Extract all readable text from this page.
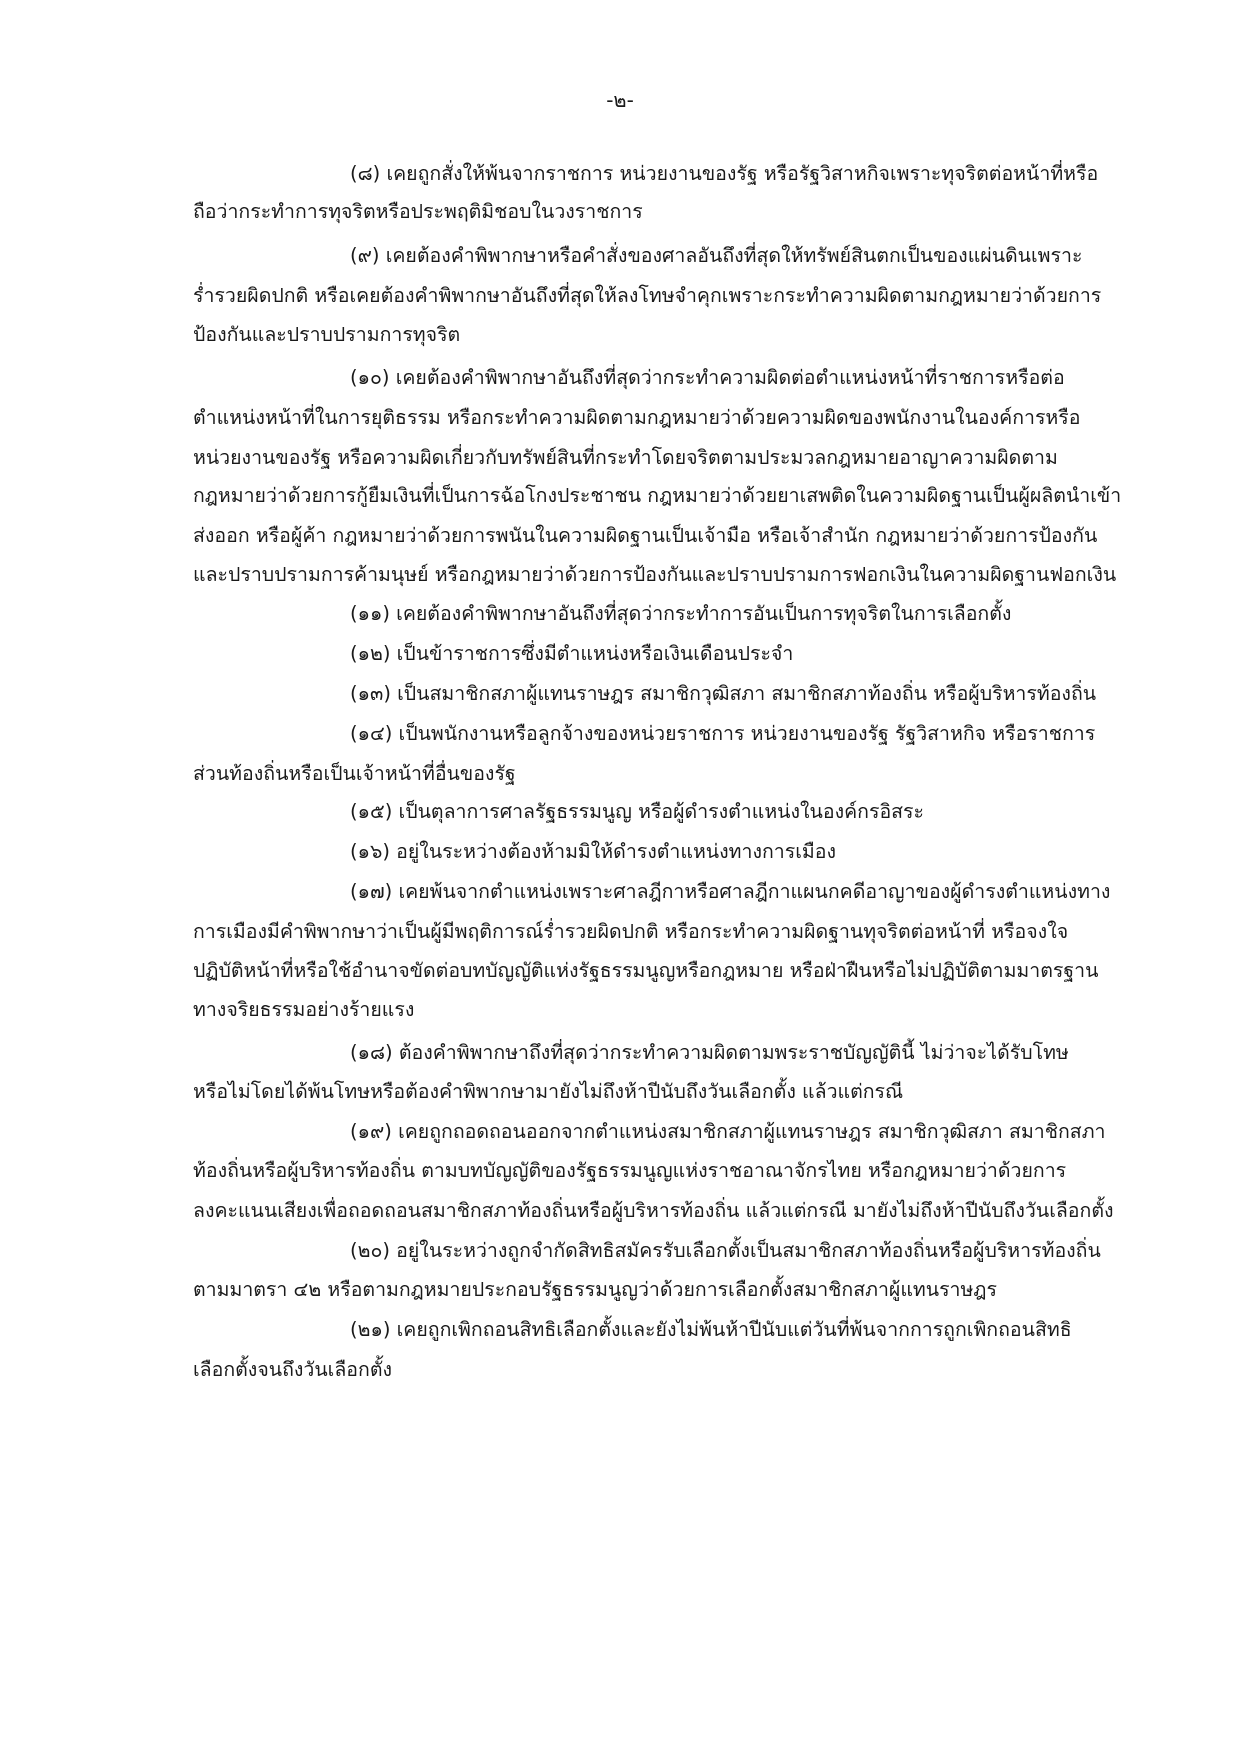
-๒-
(๘) เคยถูกสั่งให้พ้นจากราชการ หน่วยงานของรัฐ หรือรัฐวิสาหกิจเพราะทุจริตต่อหน้าที่หรือ
ถือว่ากระทำการทุจริตหรือประพฤติมิชอบในวงราชการ
(๙) เคยต้องคำพิพากษาหรือคำสั่งของศาลอันถึงที่สุดให้ทรัพย์สินตกเป็นของแผ่นดินเพราะ
ร่ำรวยผิดปกติ หรือเคยต้องคำพิพากษาอันถึงที่สุดให้ลงโทษจำคุกเพราะกระทำความผิดตามกฎหมายว่าด้วยการ
ป้องกันและปราบปรามการทุจริต
(๑๐) เคยต้องคำพิพากษาอันถึงที่สุดว่ากระทำความผิดต่อตำแหน่งหน้าที่ราชการหรือต่อ
ตำแหน่งหน้าที่ในการยุติธรรม หรือกระทำความผิดตามกฎหมายว่าด้วยความผิดของพนักงานในองค์การหรือ
หน่วยงานของรัฐ หรือความผิดเกี่ยวกับทรัพย์สินที่กระทำโดยจริตตามประมวลกฎหมายอาญาความผิดตาม
กฎหมายว่าด้วยการกู้ยืมเงินที่เป็นการฉ้อโกงประชาชน กฎหมายว่าด้วยยาเสพติดในความผิดฐานเป็นผู้ผลิตนำเข้า
ส่งออก หรือผู้ค้า กฎหมายว่าด้วยการพนันในความผิดฐานเป็นเจ้ามือ หรือเจ้าสำนัก กฎหมายว่าด้วยการป้องกัน
และปราบปรามการค้ามนุษย์ หรือกฎหมายว่าด้วยการป้องกันและปราบปรามการฟอกเงินในความผิดฐานฟอกเงิน
(๑๑) เคยต้องคำพิพากษาอันถึงที่สุดว่ากระทำการอันเป็นการทุจริตในการเลือกตั้ง
(๑๒) เป็นข้าราชการซึ่งมีตำแหน่งหรือเงินเดือนประจำ
(๑๓) เป็นสมาชิกสภาผู้แทนราษฎร สมาชิกวุฒิสภา สมาชิกสภาท้องถิ่น หรือผู้บริหารท้องถิ่น
(๑๔) เป็นพนักงานหรือลูกจ้างของหน่วยราชการ หน่วยงานของรัฐ รัฐวิสาหกิจ หรือราชการ
ส่วนท้องถิ่นหรือเป็นเจ้าหน้าที่อื่นของรัฐ
(๑๕) เป็นตุลาการศาลรัฐธรรมนูญ หรือผู้ดำรงตำแหน่งในองค์กรอิสระ
(๑๖) อยู่ในระหว่างต้องห้ามมิให้ดำรงตำแหน่งทางการเมือง
(๑๗) เคยพ้นจากตำแหน่งเพราะศาลฎีกาหรือศาลฎีกาแผนกคดีอาญาของผู้ดำรงตำแหน่งทาง
การเมืองมีคำพิพากษาว่าเป็นผู้มีพฤติการณ์ร่ำรวยผิดปกติ หรือกระทำความผิดฐานทุจริตต่อหน้าที่ หรือจงใจ
ปฏิบัติหน้าที่หรือใช้อำนาจขัดต่อบทบัญญัติแห่งรัฐธรรมนูญหรือกฎหมาย หรือฝ่าฝืนหรือไม่ปฏิบัติตามมาตรฐาน
ทางจริยธรรมอย่างร้ายแรง
(๑๘) ต้องคำพิพากษาถึงที่สุดว่ากระทำความผิดตามพระราชบัญญัตินี้ ไม่ว่าจะได้รับโทษ
หรือไม่โดยได้พ้นโทษหรือต้องคำพิพากษามายังไม่ถึงห้าปีนับถึงวันเลือกตั้ง แล้วแต่กรณี
(๑๙) เคยถูกถอดถอนออกจากตำแหน่งสมาชิกสภาผู้แทนราษฎร สมาชิกวุฒิสภา สมาชิกสภา
ท้องถิ่นหรือผู้บริหารท้องถิ่น ตามบทบัญญัติของรัฐธรรมนูญแห่งราชอาณาจักรไทย หรือกฎหมายว่าด้วยการ
ลงคะแนนเสียงเพื่อถอดถอนสมาชิกสภาท้องถิ่นหรือผู้บริหารท้องถิ่น แล้วแต่กรณี มายังไม่ถึงห้าปีนับถึงวันเลือกตั้ง
(๒๐) อยู่ในระหว่างถูกจำกัดสิทธิสมัครรับเลือกตั้งเป็นสมาชิกสภาท้องถิ่นหรือผู้บริหารท้องถิ่น
ตามมาตรา ๔๒ หรือตามกฎหมายประกอบรัฐธรรมนูญว่าด้วยการเลือกตั้งสมาชิกสภาผู้แทนราษฎร
(๒๑) เคยถูกเพิกถอนสิทธิเลือกตั้งและยังไม่พ้นห้าปีนับแต่วันที่พ้นจากการถูกเพิกถอนสิทธิ
เลือกตั้งจนถึงวันเลือกตั้ง
